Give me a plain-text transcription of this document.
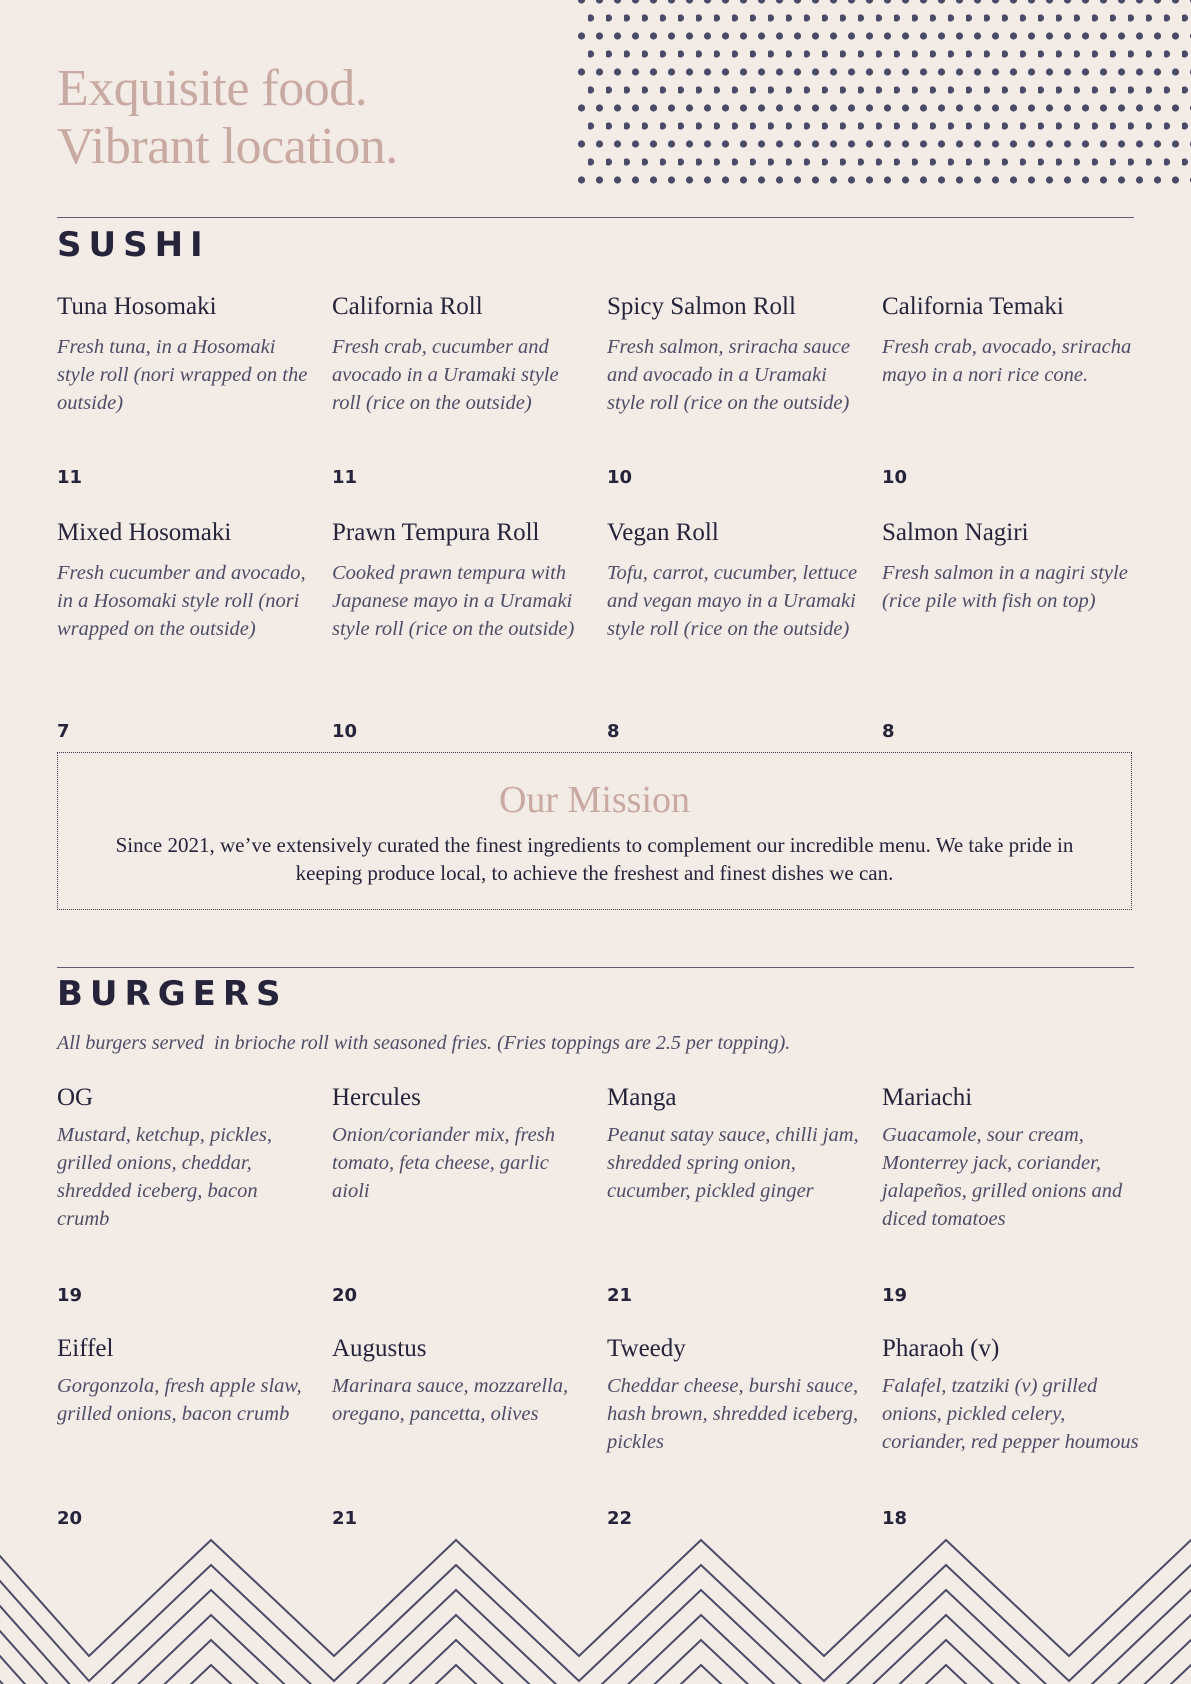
Exquisite food.
Vibrant location.
SUSHI

Tuna Hosomaki

Fresh tuna, in a Hosomaki style roll (nori wrapped on the outside)

California Roll

Fresh crab, cucumber and avocado in a Uramaki style roll (rice on the outside)

Spicy Salmon Roll

Fresh salmon, sriracha sauce and avocado in a Uramaki style roll (rice on the outside)

California Temaki

Fresh crab, avocado, sriracha mayo in a nori rice cone.

11	11	10	10

Mixed Hosomaki

Fresh cucumber and avocado, in a Hosomaki style roll (nori wrapped on the outside)

Prawn Tempura Roll

Cooked prawn tempura with Japanese mayo in a Uramaki style roll (rice on the outside)

Vegan Roll

Tofu, carrot, cucumber, lettuce and vegan mayo in a Uramaki style roll (rice on the outside)

Salmon Nagiri

Fresh salmon in a nagiri style (rice pile with fish on top)

7	10	8	8
Our Mission

Since 2021, we’ve extensively curated the finest ingredients to complement our incredible menu. We take pride in keeping produce local, to achieve the freshest and finest dishes we can.

BURGERS

All burgers served  in brioche roll with seasoned fries. (Fries toppings are 2.5 per topping).

OG

Mustard, ketchup, pickles, grilled onions, cheddar, shredded iceberg, bacon crumb

Hercules

Onion/coriander mix, fresh tomato, feta cheese, garlic aioli

Manga

Peanut satay sauce, chilli jam, shredded spring onion, cucumber, pickled ginger

Mariachi

Guacamole, sour cream, Monterrey jack, coriander, jalapeños, grilled onions and diced tomatoes

19	20	21	19

Eiffel

Gorgonzola, fresh apple slaw, grilled onions, bacon crumb

Augustus

Marinara sauce, mozzarella, oregano, pancetta, olives

Tweedy

Cheddar cheese, burshi sauce, hash brown, shredded iceberg, pickles

Pharaoh (v)

Falafel, tzatziki (v) grilled onions, pickled celery, coriander, red pepper houmous

20	21	22	18
